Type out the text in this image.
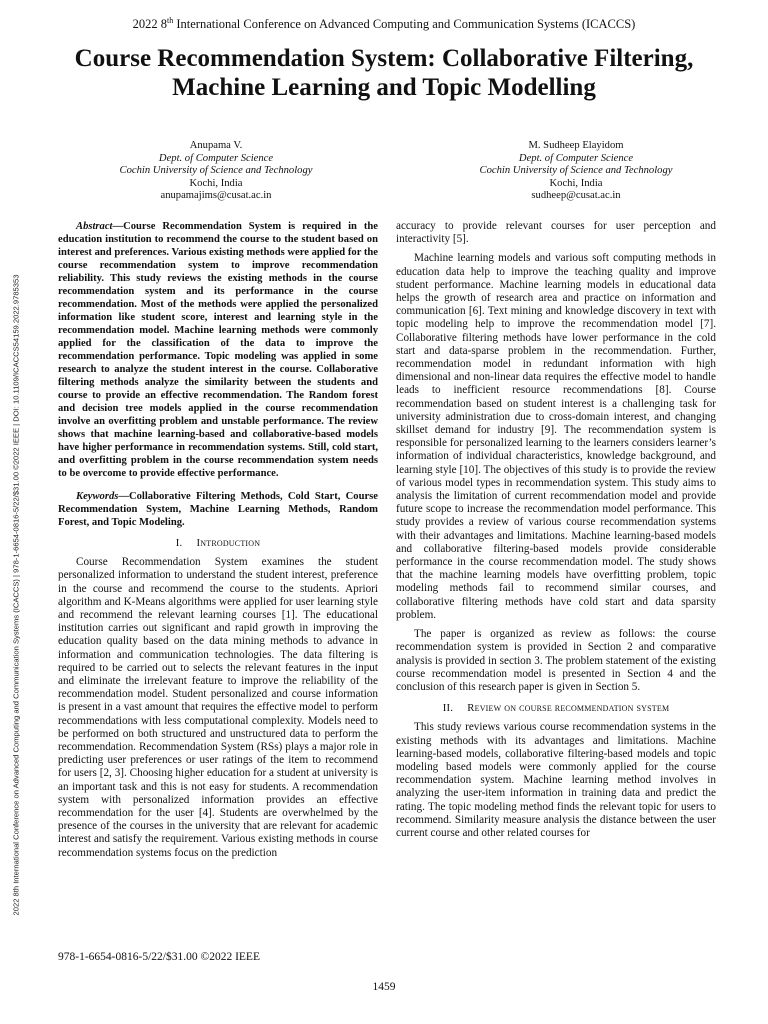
2022 8th International Conference on Advanced Computing and Communication Systems (ICACCS)
Course Recommendation System: Collaborative Filtering, Machine Learning and Topic Modelling
Anupama V.
Dept. of Computer Science
Cochin University of Science and Technology
Kochi, India
anupamajims@cusat.ac.in
M. Sudheep Elayidom
Dept. of Computer Science
Cochin University of Science and Technology
Kochi, India
sudheep@cusat.ac.in
2022 8th International Conference on Advanced Computing and Communication Systems (ICACCS) | 978-1-6654-0816-5/22/$31.00 ©2022 IEEE | DOI: 10.1109/ICACCS54159.2022.9785353

Abstract—Course Recommendation System is required in the education institution to recommend the course to the student based on interest and preferences. Various existing methods were applied for the course recommendation system to improve recommendation reliability. This study reviews the existing methods in the course recommendation system and its performance in the course recommendation. Most of the methods were applied the personalized information like student score, interest and learning style in the recommendation model. Machine learning methods were commonly applied for the classification of the data to improve the recommendation performance. Topic modeling was applied in some research to analyze the student interest in the course. Collaborative filtering methods analyze the similarity between the students and course to provide an effective recommendation. The Random forest and decision tree models applied in the course recommendation involve an overfitting problem and unstable performance. The review shows that machine learning-based and collaborative-based models have higher performance in recommendation systems. Still, cold start, and overfitting problem in the course recommendation system needs to be overcome to provide effective performance.

Keywords—Collaborative Filtering Methods, Cold Start, Course Recommendation System, Machine Learning Methods, Random Forest, and Topic Modeling.

I. Introduction

Course Recommendation System examines the student personalized information to understand the student interest, preference in the course and recommend the course to the students. Apriori algorithm and K-Means algorithms were applied for user learning style and recommend the relevant learning courses [1]. The educational institution carries out significant and rapid growth in improving the education quality based on the data mining methods to advance in information and communication technologies. The data filtering is required to be carried out to selects the relevant features in the input and eliminate the irrelevant feature to improve the reliability of the recommendation model. Student personalized and course information is present in a vast amount that requires the effective model to perform recommendations with less computational complexity. Models need to be performed on both structured and unstructured data to perform the recommendation. Recommendation System (RSs) plays a major role in predicting user preferences or user ratings of the item to recommend for users [2, 3]. Choosing higher education for a student at university is an important task and this is not easy for students. A recommendation system with personalized information provides an effective recommendation for the user [4]. Students are overwhelmed by the presence of the courses in the university that are relevant for academic interest and satisfy the requirement. Various existing methods in course recommendation systems focus on the prediction

accuracy to provide relevant courses for user perception and interactivity [5].

Machine learning models and various soft computing methods in education data help to improve the teaching quality and improve student performance. Machine learning models in educational data helps the growth of research area and practice on information and communication [6]. Text mining and knowledge discovery in text with topic modeling help to improve the recommendation model [7]. Collaborative filtering methods have lower performance in the cold start and data-sparse problem in the recommendation. Further, recommendation model in redundant information with high dimensional and non-linear data requires the effective model to handle leads to inefficient resource recommendations [8]. Course recommendation based on student interest is a challenging task for university administration due to cross-domain interest, and changing skillset demand for industry [9]. The recommendation system is responsible for personalized learning to the learners considers learner’s information of individual characteristics, knowledge background, and learning style [10]. The objectives of this study is to provide the review of various model types in recommendation system. This study aims to analysis the limitation of current recommendation model and provide future scope to increase the recommendation model performance. This study provides a review of various course recommendation systems with their advantages and limitations. Machine learning-based models and collaborative filtering-based models provide considerable performance in the course recommendation model. The study shows that the machine learning models have overfitting problem, topic modeling methods fail to recommend similar courses, and collaborative filtering methods have cold start and data sparsity problem.

The paper is organized as review as follows: the course recommendation system is provided in Section 2 and comparative analysis is provided in section 3. The problem statement of the existing course recommendation model is presented in Section 4 and the conclusion of this research paper is given in Section 5.

II. Review on course recommendation system

This study reviews various course recommendation systems in the existing methods with its advantages and limitations. Machine learning-based models, collaborative filtering-based models and topic modeling based models were commonly applied for the course recommendation system. Machine learning method involves in analyzing the user-item information in training data and predict the rating. The topic modeling method finds the relevant topic for users to recommend. Similarity measure analysis the distance between the user current course and other related courses for

978-1-6654-0816-5/22/$31.00 ©2022 IEEE
1459
